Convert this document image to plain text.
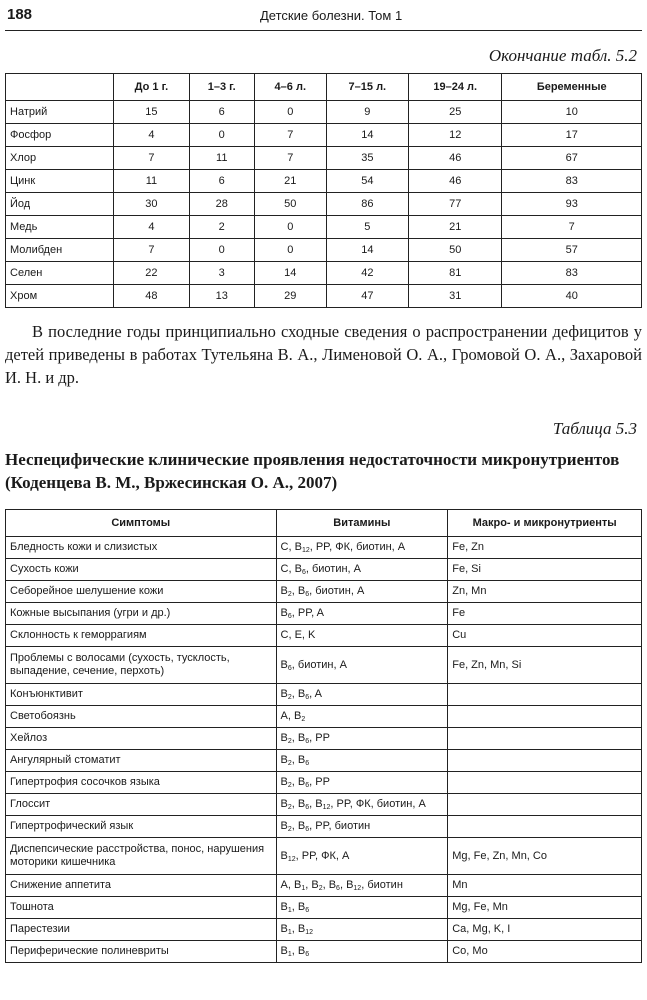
188	Детские болезни. Том 1
Окончание табл. 5.2
	До 1 г.	1–3 г.	4–6 л.	7–15 л.	19–24 л.	Беременные
Натрий	15	6	0	9	25	10
Фосфор	4	0	7	14	12	17
Хлор	7	11	7	35	46	67
Цинк	11	6	21	54	46	83
Йод	30	28	50	86	77	93
Медь	4	2	0	5	21	7
Молибден	7	0	0	14	50	57
Селен	22	3	14	42	81	83
Хром	48	13	29	47	31	40
В последние годы принципиально сходные сведения о распространении дефицитов у детей приведены в работах Тутельяна В. А., Лименовой О. А., Громовой О. А., Захаровой И. Н. и др.
Таблица 5.3
Неспецифические клинические проявления недостаточности микронутриентов (Коденцева В. М., Вржесинская О. А., 2007)
Симптомы	Витамины	Макро- и микронутриенты
Бледность кожи и слизистых	C, $B_{12}$, PP, ФК, биотин, A	Fe, Zn
Сухость кожи	C, $B_6$, биотин, A	Fe, Si
Себорейное шелушение кожи	$B_2$, $B_6$, биотин, A	Zn, Mn
Кожные высыпания (угри и др.)	$B_6$, PP, A	Fe
Склонность к геморрагиям	C, E, K	Cu
Проблемы с волосами (сухость, тусклость, выпадение, сечение, перхоть)	$B_6$, биотин, A	Fe, Zn, Mn, Si
Конъюнктивит	$B_2$, $B_6$, A	
Светобоязнь	A, $B_2$	
Хейлоз	$B_2$, $B_6$, PP	
Ангулярный стоматит	$B_2$, $B_6$	
Гипертрофия сосочков языка	$B_2$, $B_6$, PP	
Глоссит	$B_2$, $B_6$, $B_{12}$, PP, ФК, биотин, A	
Гипертрофический язык	$B_2$, $B_6$, PP, биотин	
Диспепсические расстройства, понос, нарушения моторики кишечника	$B_{12}$, PP, ФК, A	Mg, Fe, Zn, Mn, Co
Снижение аппетита	A, $B_1$, $B_2$, $B_6$, $B_{12}$, биотин	Mn
Тошнота	$B_1$, $B_6$	Mg, Fe, Mn
Парестезии	$B_1$, $B_{12}$	Ca, Mg, K, I
Периферические полиневриты	$B_1$, $B_6$	Co, Mo
